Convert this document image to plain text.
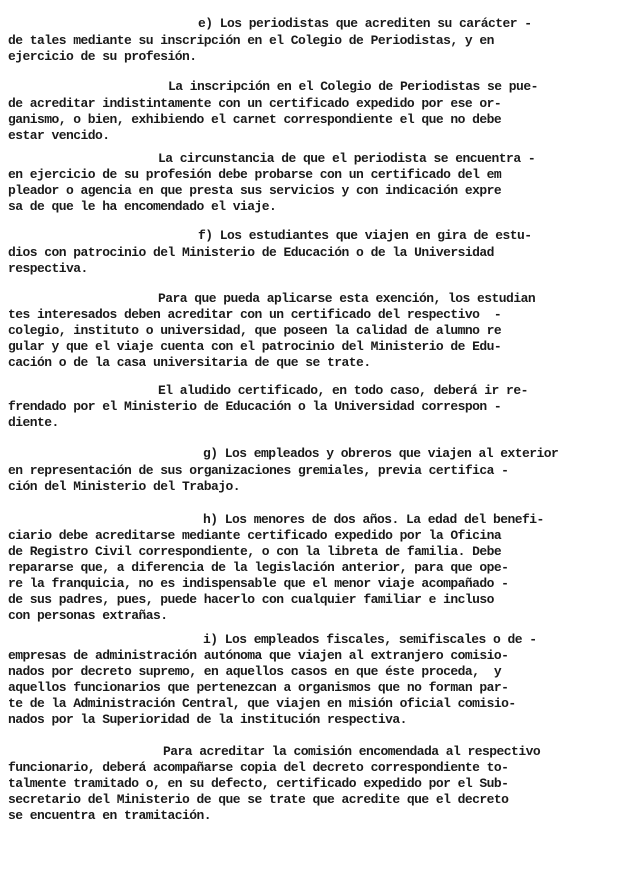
e) Los periodistas que acrediten su carácter -

de tales mediante su inscripción en el Colegio de Periodistas, y en

ejercicio de su profesión.

La inscripción en el Colegio de Periodistas se pue-

de acreditar indistintamente con un certificado expedido por ese or-

ganismo, o bien, exhibiendo el carnet correspondiente el que no debe

estar vencido.

La circunstancia de que el periodista se encuentra -

en ejercicio de su profesión debe probarse con un certificado del em

pleador o agencia en que presta sus servicios y con indicación expre

sa de que le ha encomendado el viaje.

f) Los estudiantes que viajen en gira de estu-

dios con patrocinio del Ministerio de Educación o de la Universidad

respectiva.

Para que pueda aplicarse esta exención, los estudian

tes interesados deben acreditar con un certificado del respectivo  -

colegio, instituto o universidad, que poseen la calidad de alumno re

gular y que el viaje cuenta con el patrocinio del Ministerio de Edu-

cación o de la casa universitaria de que se trate.

El aludido certificado, en todo caso, deberá ir re-

frendado por el Ministerio de Educación o la Universidad correspon -

diente.

g) Los empleados y obreros que viajen al exterior

en representación de sus organizaciones gremiales, previa certifica -

ción del Ministerio del Trabajo.

h) Los menores de dos años. La edad del benefi-

ciario debe acreditarse mediante certificado expedido por la Oficina

de Registro Civil correspondiente, o con la libreta de familia. Debe

repararse que, a diferencia de la legislación anterior, para que ope-

re la franquicia, no es indispensable que el menor viaje acompañado -

de sus padres, pues, puede hacerlo con cualquier familiar e incluso

con personas extrañas.

i) Los empleados fiscales, semifiscales o de -

empresas de administración autónoma que viajen al extranjero comisio-

nados por decreto supremo, en aquellos casos en que éste proceda,  y

aquellos funcionarios que pertenezcan a organismos que no forman par-

te de la Administración Central, que viajen en misión oficial comisio-

nados por la Superioridad de la institución respectiva.

Para acreditar la comisión encomendada al respectivo

funcionario, deberá acompañarse copia del decreto correspondiente to-

talmente tramitado o, en su defecto, certificado expedido por el Sub-

secretario del Ministerio de que se trate que acredite que el decreto

se encuentra en tramitación.
